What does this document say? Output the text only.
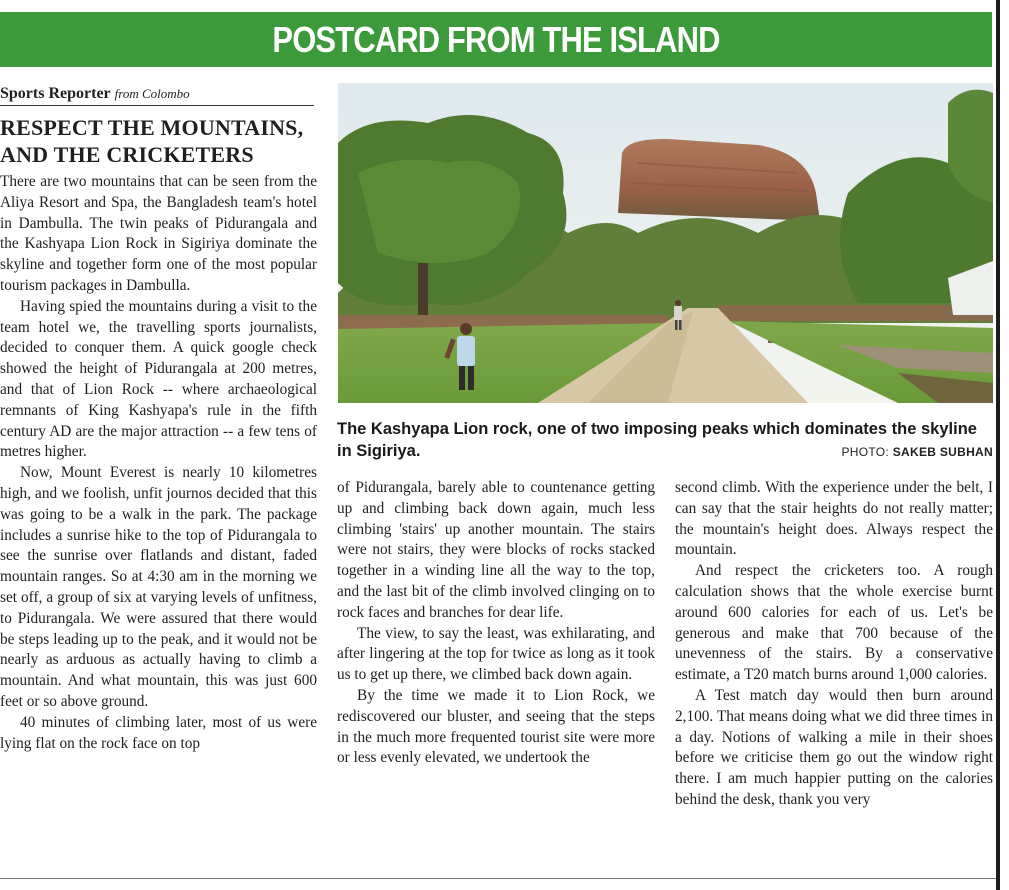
POSTCARD FROM THE ISLAND
Sports Reporter from Colombo
RESPECT THE MOUNTAINS, AND THE CRICKETERS

There are two mountains that can be seen from the Aliya Resort and Spa, the Bangladesh team's hotel in Dambulla. The twin peaks of Pidurangala and the Kashyapa Lion Rock in Sigiriya dominate the skyline and together form one of the most popular tourism packages in Dambulla.

Having spied the mountains during a visit to the team hotel we, the travelling sports journalists, decided to conquer them. A quick google check showed the height of Pidurangala at 200 metres, and that of Lion Rock -- where archaeological remnants of King Kashyapa's rule in the fifth century AD are the major attraction -- a few tens of metres higher.

Now, Mount Everest is nearly 10 kilometres high, and we foolish, unfit journos decided that this was going to be a walk in the park. The package includes a sunrise hike to the top of Pidurangala to see the sunrise over flatlands and distant, faded mountain ranges. So at 4:30 am in the morning we set off, a group of six at varying levels of unfitness, to Pidurangala. We were assured that there would be steps leading up to the peak, and it would not be nearly as arduous as actually having to climb a mountain. And what mountain, this was just 600 feet or so above ground.

40 minutes of climbing later, most of us were lying flat on the rock face on top

The Kashyapa Lion rock, one of two imposing peaks which dominates the skyline in Sigiriya.	PHOTO: SAKEB SUBHAN

of Pidurangala, barely able to countenance getting up and climbing back down again, much less climbing 'stairs' up another mountain. The stairs were not stairs, they were blocks of rocks stacked together in a winding line all the way to the top, and the last bit of the climb involved clinging on to rock faces and branches for dear life.

The view, to say the least, was exhilarating, and after lingering at the top for twice as long as it took us to get up there, we climbed back down again.

By the time we made it to Lion Rock, we rediscovered our bluster, and seeing that the steps in the much more frequented tourist site were more or less evenly elevated, we undertook the

second climb. With the experience under the belt, I can say that the stair heights do not really matter; the mountain's height does. Always respect the mountain.

And respect the cricketers too. A rough calculation shows that the whole exercise burnt around 600 calories for each of us. Let's be generous and make that 700 because of the unevenness of the stairs. By a conservative estimate, a T20 match burns around 1,000 calories.

A Test match day would then burn around 2,100. That means doing what we did three times in a day. Notions of walking a mile in their shoes before we criticise them go out the window right there. I am much happier putting on the calories behind the desk, thank you very
